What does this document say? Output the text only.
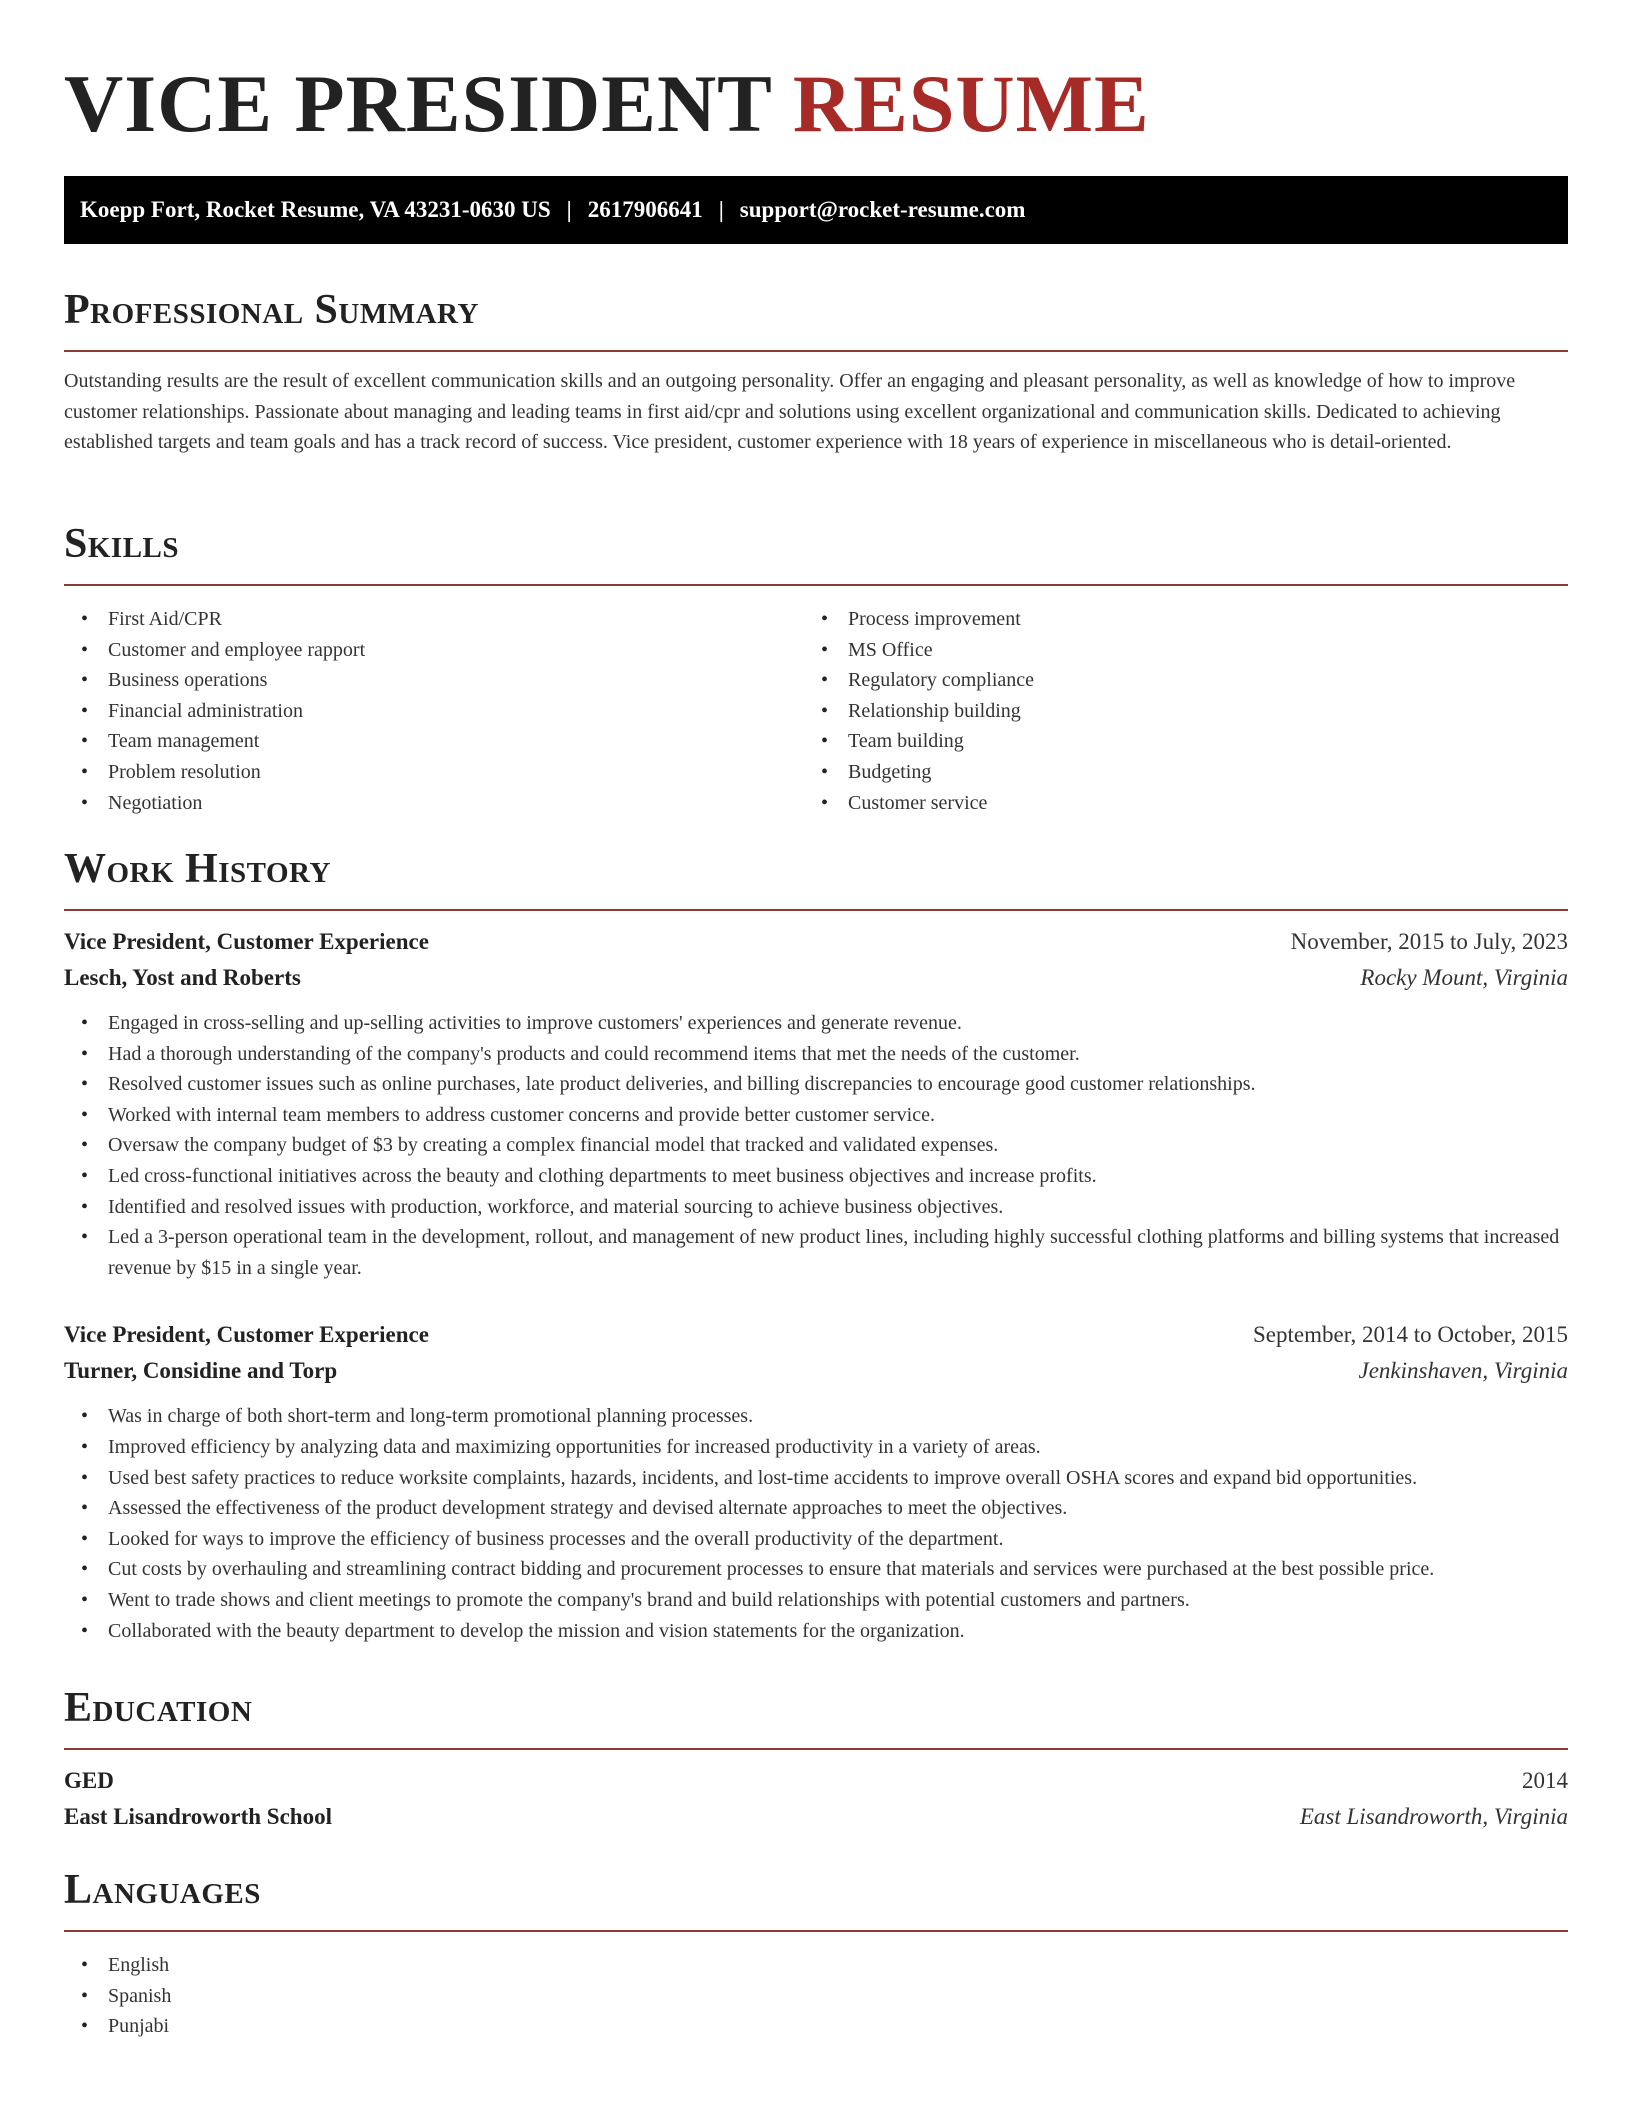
VICE PRESIDENT RESUME
Koepp Fort, Rocket Resume, VA 43231-0630 US | 2617906641 | support@rocket-resume.com
Professional Summary

Outstanding results are the result of excellent communication skills and an outgoing personality. Offer an engaging and pleasant personality, as well as knowledge of how to improve customer relationships. Passionate about managing and leading teams in first aid/cpr and solutions using excellent organizational and communication skills. Dedicated to achieving established targets and team goals and has a track record of success. Vice president, customer experience with 18 years of experience in miscellaneous who is detail-oriented.

Skills
• First Aid/CPR
• Customer and employee rapport
• Business operations
• Financial administration
• Team management
• Problem resolution
• Negotiation
• Process improvement
• MS Office
• Regulatory compliance
• Relationship building
• Team building
• Budgeting
• Customer service
Work History
Vice President, Customer Experience	November, 2015 to July, 2023
Lesch, Yost and Roberts	Rocky Mount, Virginia
• Engaged in cross-selling and up-selling activities to improve customers' experiences and generate revenue.
• Had a thorough understanding of the company's products and could recommend items that met the needs of the customer.
• Resolved customer issues such as online purchases, late product deliveries, and billing discrepancies to encourage good customer relationships.
• Worked with internal team members to address customer concerns and provide better customer service.
• Oversaw the company budget of $3 by creating a complex financial model that tracked and validated expenses.
• Led cross-functional initiatives across the beauty and clothing departments to meet business objectives and increase profits.
• Identified and resolved issues with production, workforce, and material sourcing to achieve business objectives.
• Led a 3-person operational team in the development, rollout, and management of new product lines, including highly successful clothing platforms and billing systems that increased revenue by $15 in a single year.
Vice President, Customer Experience	September, 2014 to October, 2015
Turner, Considine and Torp	Jenkinshaven, Virginia
• Was in charge of both short-term and long-term promotional planning processes.
• Improved efficiency by analyzing data and maximizing opportunities for increased productivity in a variety of areas.
• Used best safety practices to reduce worksite complaints, hazards, incidents, and lost-time accidents to improve overall OSHA scores and expand bid opportunities.
• Assessed the effectiveness of the product development strategy and devised alternate approaches to meet the objectives.
• Looked for ways to improve the efficiency of business processes and the overall productivity of the department.
• Cut costs by overhauling and streamlining contract bidding and procurement processes to ensure that materials and services were purchased at the best possible price.
• Went to trade shows and client meetings to promote the company's brand and build relationships with potential customers and partners.
• Collaborated with the beauty department to develop the mission and vision statements for the organization.
Education
GED	2014
East Lisandroworth School	East Lisandroworth, Virginia
Languages
• English
• Spanish
• Punjabi
